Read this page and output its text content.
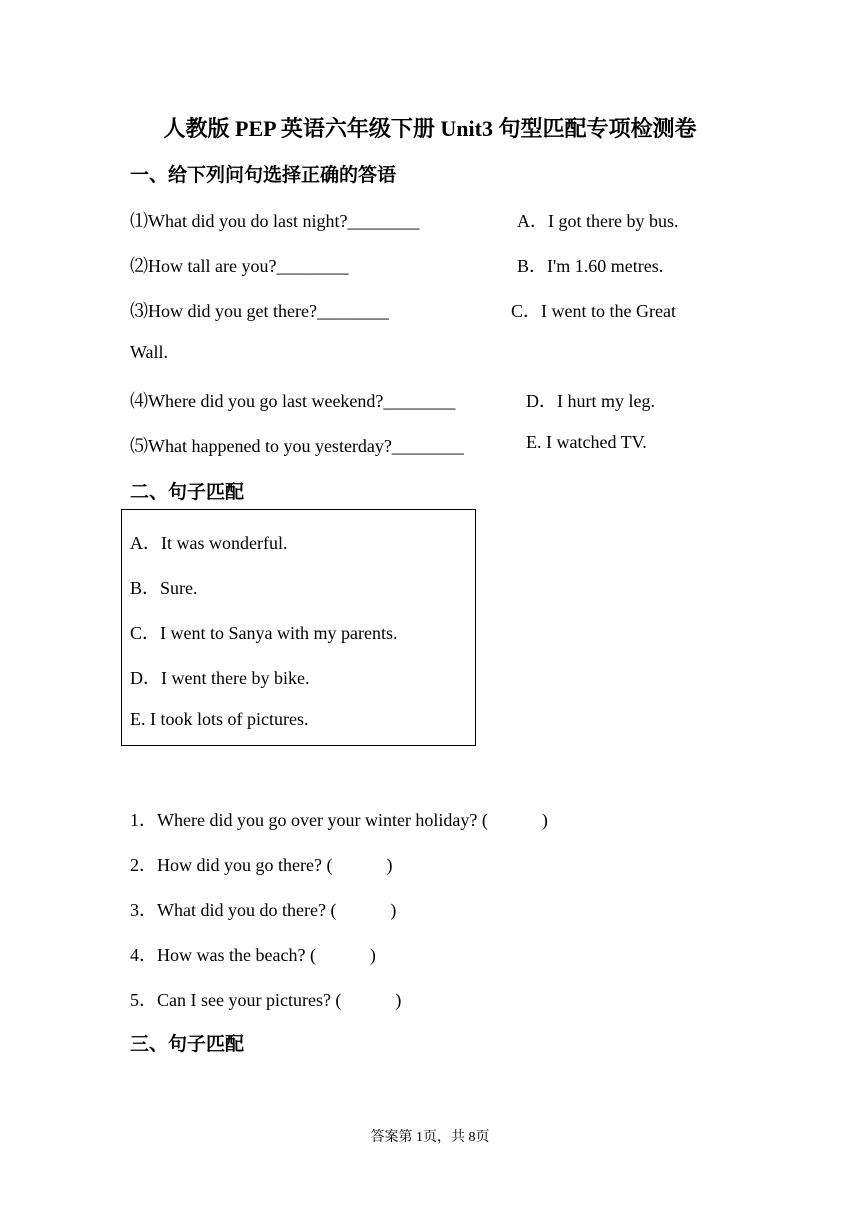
人教版 PEP 英语六年级下册 Unit3 句型匹配专项检测卷
一、给下列问句选择正确的答语
⑴What did you do last night?________	A．I got there by bus.
⑵How tall are you?________	B．I'm 1.60 metres.
⑶How did you get there?________	C．I went to the Great
Wall.
⑷Where did you go last weekend?________	D．I hurt my leg.
⑸What happened to you yesterday?________	E. I watched TV.
二、句子匹配
A．It was wonderful.
B．Sure.
C．I went to Sanya with my parents.
D．I went there by bike.
E. I took lots of pictures.
1．Where did you go over your winter holiday? (            )
2．How did you go there? (            )
3．What did you do there? (            )
4．How was the beach? (            )
5．Can I see your pictures? (            )
三、句子匹配
答案第 1页，共 8页
